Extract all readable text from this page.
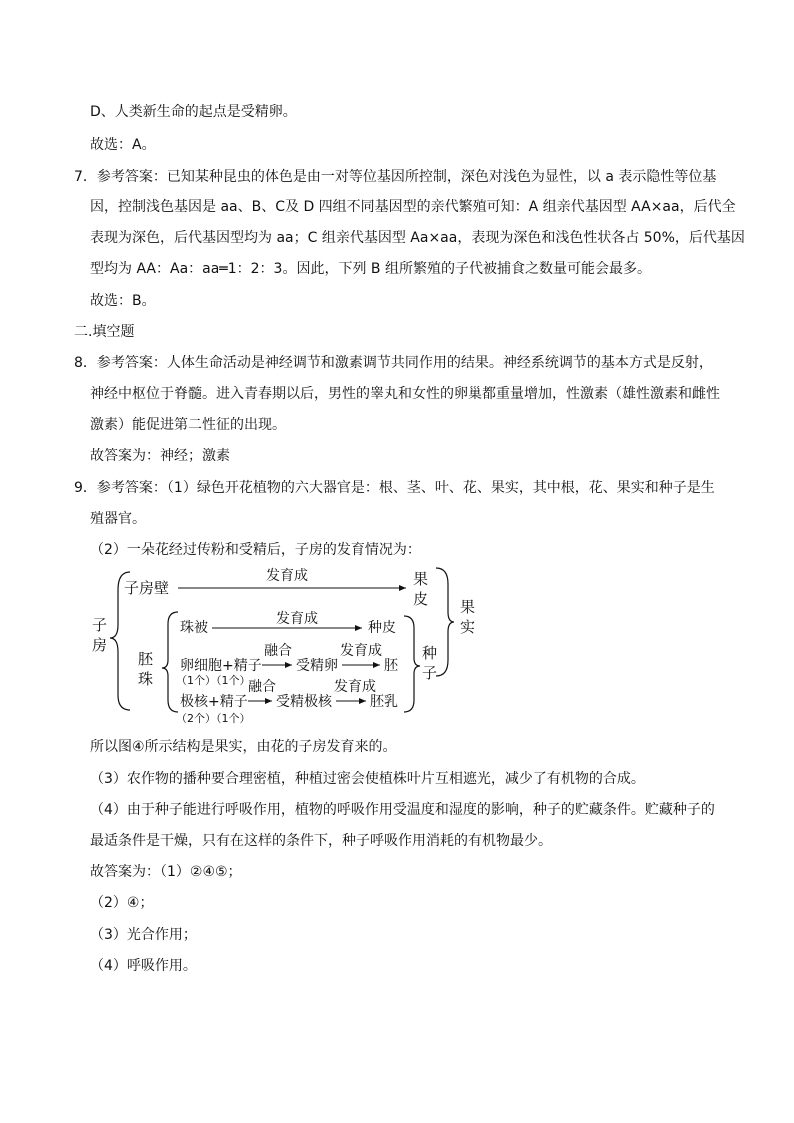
D、人类新生命的起点是受精卵。
故选：A。
7．参考答案：已知某种昆虫的体色是由一对等位基因所控制，深色对浅色为显性，以 a 表示隐性等位基
因，控制浅色基因是 aa、B、C及 D 四组不同基因型的亲代繁殖可知：A 组亲代基因型 AA×aa，后代全
表现为深色，后代基因型均为 aa；C 组亲代基因型 Aa×aa，表现为深色和浅色性状各占 50%，后代基因
型均为 AA：Aa：aa═1：2：3。因此，下列 B 组所繁殖的子代被捕食之数量可能会最多。
故选：B。
二.填空题
8．参考答案：人体生命活动是神经调节和激素调节共同作用的结果。神经系统调节的基本方式是反射，
神经中枢位于脊髓。进入青春期以后，男性的睾丸和女性的卵巢都重量增加，性激素（雄性激素和雌性
激素）能促进第二性征的出现。
故答案为：神经；激素
9．参考答案：（1）绿色开花植物的六大器官是：根、茎、叶、花、果实，其中根，花、果实和种子是生
殖器官。
（2）一朵花经过传粉和受精后，子房的发育情况为：
子
房
子房壁
发育成	果
皮
胚
珠
珠被
发育成
种皮
卵细胞+精子
（1个）（1个）
融合
受精卵
发育成
胚
极核+精子
（2个）（1个）
融合
受精极核
发育成
胚乳
种
子
果
实
所以图④所示结构是果实，由花的子房发育来的。
（3）农作物的播种要合理密植，种植过密会使植株叶片互相遮光，减少了有机物的合成。
（4）由于种子能进行呼吸作用，植物的呼吸作用受温度和湿度的影响，种子的贮藏条件。贮藏种子的
最适条件是干燥，只有在这样的条件下，种子呼吸作用消耗的有机物最少。
故答案为：（1）②④⑤；
（2）④；
（3）光合作用；
（4）呼吸作用。
